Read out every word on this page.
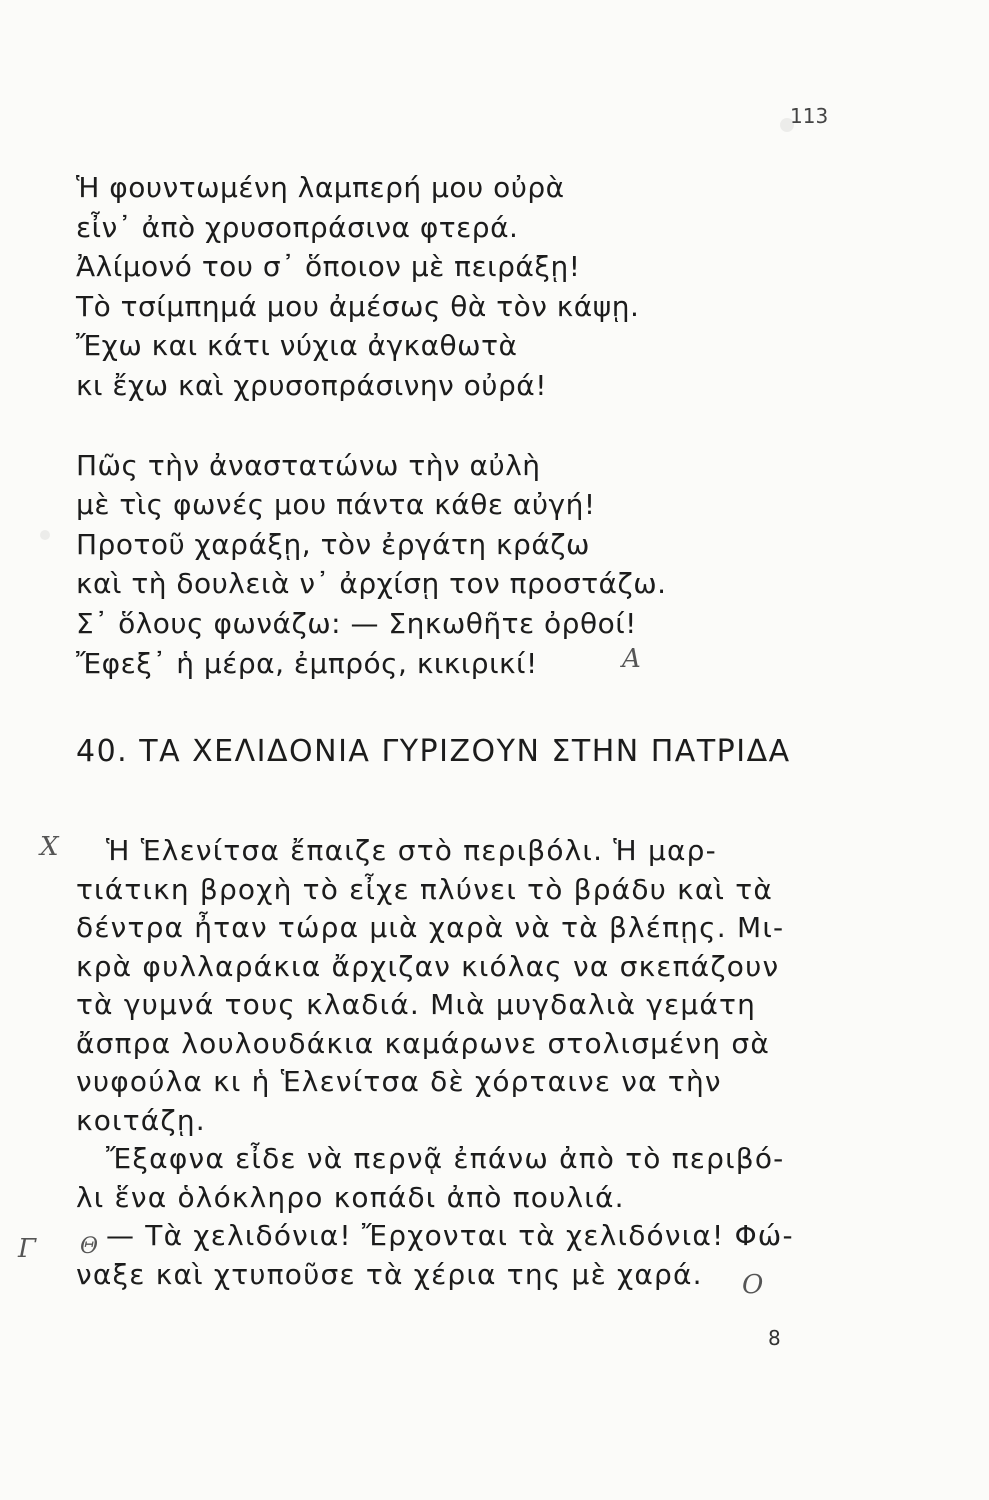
113
Ἡ φουντωμένη λαμπερή μου οὐρὰ
εἶν᾽ ἀπὸ χρυσοπράσινα φτερά.
Ἀλίμονό του σ᾽ ὅποιον μὲ πειράξῃ!
Τὸ τσίμπημά μου ἀμέσως θὰ τὸν κάψῃ.
Ἔχω και κάτι νύχια ἀγκαθωτὰ
κι ἔχω καὶ χρυσοπράσινην οὐρά!
Πῶς τὴν ἀναστατώνω τὴν αὐλὴ
μὲ τὶς φωνές μου πάντα κάθε αὐγή!
Προτοῦ χαράξῃ, τὸν ἐργάτη κράζω
καὶ τὴ δουλειὰ ν᾽ ἀρχίσῃ τον προστάζω.
Σ᾽ ὅλους φωνάζω: — Σηκωθῆτε ὀρθοί!
Ἔφεξ᾽ ἡ μέρα, ἐμπρός, κικιρικί!	A
40. ΤΑ ΧΕΛΙΔΟΝΙΑ ΓΥΡΙΖΟΥΝ ΣΤΗΝ ΠΑΤΡΙΔΑ
X	Ἡ Ἑλενίτσα ἔπαιζε στὸ περιβόλι. Ἡ μαρ-
τιάτικη βροχὴ τὸ εἶχε πλύνει τὸ βράδυ καὶ τὰ
δέντρα ἦταν τώρα μιὰ χαρὰ νὰ τὰ βλέπῃς. Μι-
κρὰ φυλλαράκια ἄρχιζαν κιόλας να σκεπάζουν
τὰ γυμνά τους κλαδιά. Μιὰ μυγδαλιὰ γεμάτη
ἄσπρα λουλουδάκια καμάρωνε στολισμένη σὰ
νυφούλα κι ἡ Ἑλενίτσα δὲ χόρταινε να τὴν
κοιτάζῃ.
Ἔξαφνα εἶδε νὰ περνᾷ ἐπάνω ἀπὸ τὸ περιβό-
λι ἕνα ὁλόκληρο κοπάδι ἀπὸ πουλιά.
— Τὰ χελιδόνια! Ἔρχονται τὰ χελιδόνια! Φώ-
ναξε καὶ χτυποῦσε τὰ χέρια της μὲ χαρά.
Γ Θ
O
8
